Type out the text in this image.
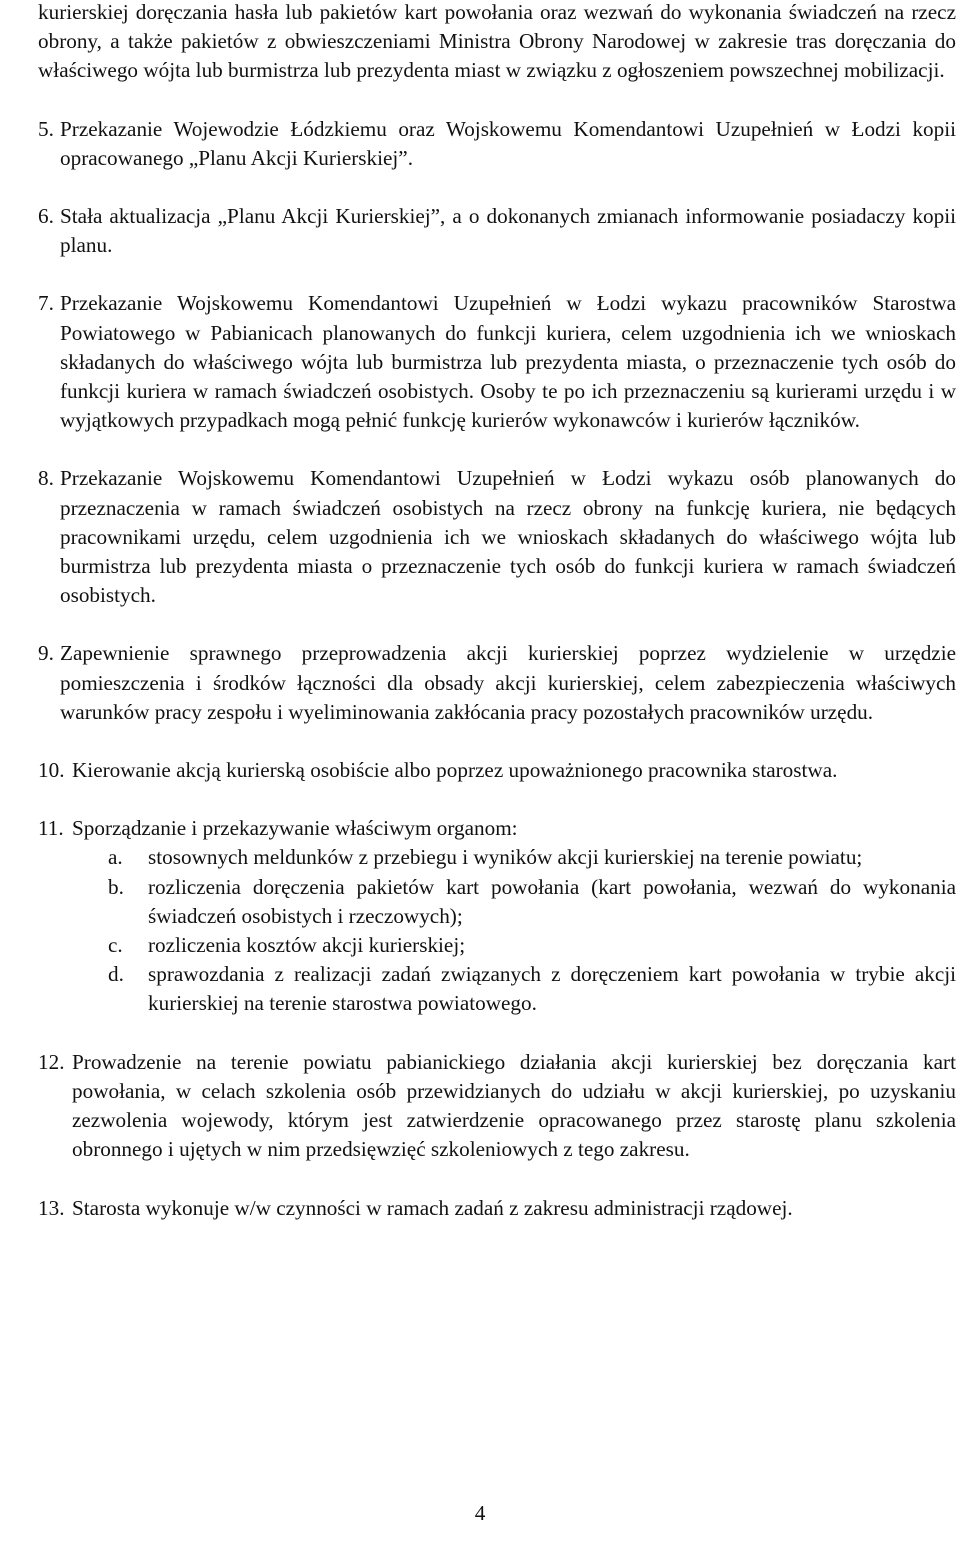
kurierskiej doręczania hasła lub pakietów kart powołania oraz wezwań do wykonania świadczeń na rzecz obrony, a także pakietów z obwieszczeniami Ministra Obrony Narodowej w zakresie tras doręczania do właściwego wójta lub burmistrza lub prezydenta miast w związku z ogłoszeniem powszechnej mobilizacji.

5. Przekazanie Wojewodzie Łódzkiemu oraz Wojskowemu Komendantowi Uzupełnień w Łodzi kopii opracowanego „Planu Akcji Kurierskiej”.
6. Stała aktualizacja „Planu Akcji Kurierskiej”, a o dokonanych zmianach informowanie posiadaczy kopii planu.
7. Przekazanie Wojskowemu Komendantowi Uzupełnień w Łodzi wykazu pracowników Starostwa Powiatowego w Pabianicach planowanych do funkcji kuriera, celem uzgodnienia ich we wnioskach składanych do właściwego wójta lub burmistrza lub prezydenta miasta, o przeznaczenie tych osób do funkcji kuriera w ramach świadczeń osobistych. Osoby te po ich przeznaczeniu są kurierami urzędu i w wyjątkowych przypadkach mogą pełnić funkcję kurierów wykonawców i kurierów łączników.
8. Przekazanie Wojskowemu Komendantowi Uzupełnień w Łodzi wykazu osób planowanych do przeznaczenia w ramach świadczeń osobistych na rzecz obrony na funkcję kuriera, nie będących pracownikami urzędu, celem uzgodnienia ich we wnioskach składanych do właściwego wójta lub burmistrza lub prezydenta miasta o przeznaczenie tych osób do funkcji kuriera w ramach świadczeń osobistych.
9. Zapewnienie sprawnego przeprowadzenia akcji kurierskiej poprzez wydzielenie w urzędzie pomieszczenia i środków łączności dla obsady akcji kurierskiej, celem zabezpieczenia właściwych warunków pracy zespołu i wyeliminowania zakłócania pracy pozostałych pracowników urzędu.
10. Kierowanie akcją kurierską osobiście albo poprzez upoważnionego pracownika starostwa.
11. Sporządzanie i przekazywanie właściwym organom:
a.	stosownych meldunków z przebiegu i wyników akcji kurierskiej na terenie powiatu;
b.	rozliczenia doręczenia pakietów kart powołania (kart powołania, wezwań do wykonania świadczeń osobistych i rzeczowych);
c.	rozliczenia kosztów akcji kurierskiej;
d.	sprawozdania z realizacji zadań związanych z doręczeniem kart powołania w trybie akcji kurierskiej na terenie starostwa powiatowego.
12. Prowadzenie na terenie powiatu pabianickiego działania akcji kurierskiej bez doręczania kart powołania, w celach szkolenia osób przewidzianych do udziału w akcji kurierskiej, po uzyskaniu zezwolenia wojewody, którym jest zatwierdzenie opracowanego przez starostę planu szkolenia obronnego i ujętych w nim przedsięwzięć szkoleniowych z tego zakresu.
13. Starosta wykonuje w/w czynności w ramach zadań z zakresu administracji rządowej.
4
